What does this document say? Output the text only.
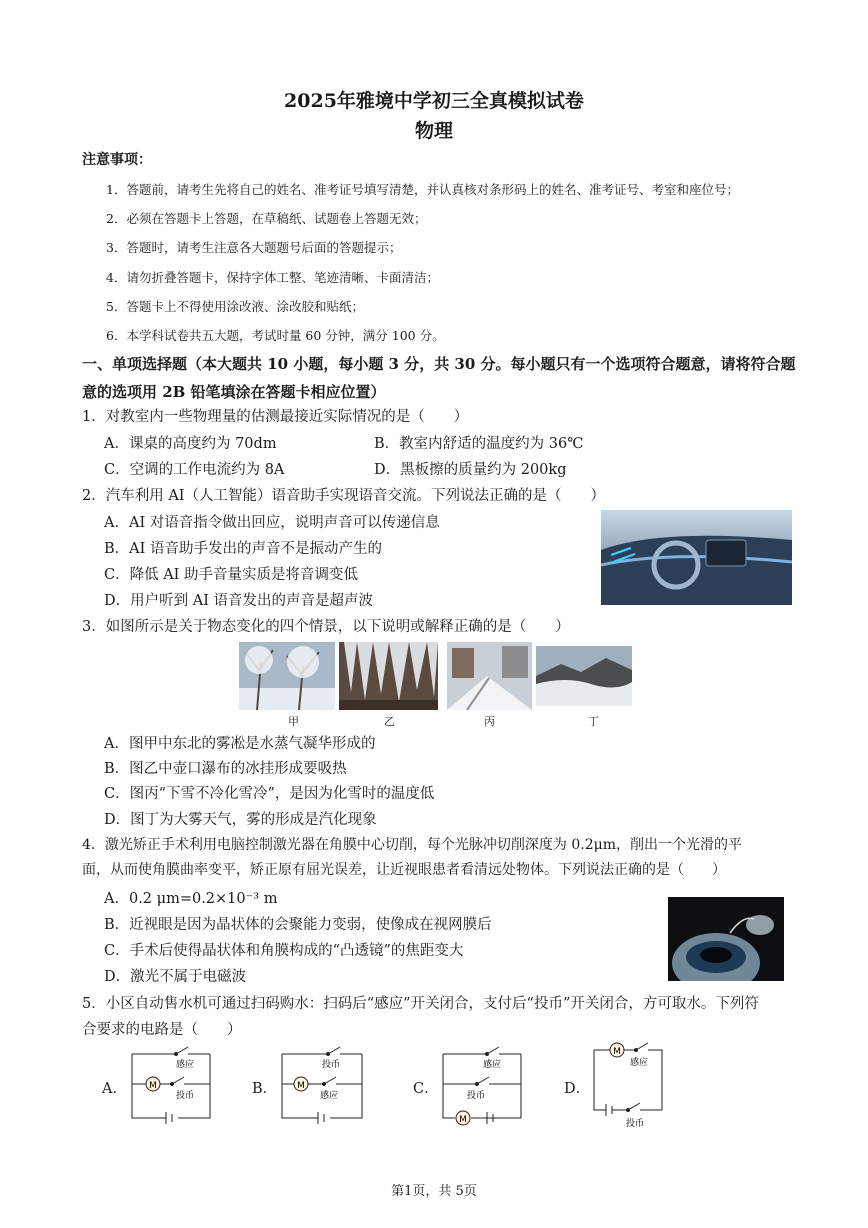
2025年雅境中学初三全真模拟试卷
物理
注意事项：
1．答题前，请考生先将自己的姓名、准考证号填写清楚，并认真核对条形码上的姓名、准考证号、考室和座位号；
2．必须在答题卡上答题，在草稿纸、试题卷上答题无效；
3．答题时，请考生注意各大题题号后面的答题提示；
4．请勿折叠答题卡，保持字体工整、笔迹清晰、卡面清洁；
5．答题卡上不得使用涂改液、涂改胶和贴纸；
6．本学科试卷共五大题，考试时量 60 分钟，满分 100 分。
一、单项选择题（本大题共 10 小题，每小题 3 分，共 30 分。每小题只有一个选项符合题意，请将符合题
意的选项用 2B 铅笔填涂在答题卡相应位置）
1．对教室内一些物理量的估测最接近实际情况的是（　　）
A．课桌的高度约为 70dm	B．教室内舒适的温度约为 36℃
C．空调的工作电流约为 8A	D．黑板擦的质量约为 200kg
2．汽车利用 AI（人工智能）语音助手实现语音交流。下列说法正确的是（　　）
A．AI 对语音指令做出回应，说明声音可以传递信息
B．AI 语音助手发出的声音不是振动产生的
C．降低 AI 助手音量实质是将音调变低
D．用户听到 AI 语音发出的声音是超声波
3．如图所示是关于物态变化的四个情景，以下说明或解释正确的是（　　）
甲	乙	丙	丁
A．图甲中东北的雾凇是水蒸气凝华形成的
B．图乙中壶口瀑布的冰挂形成要吸热
C．图丙“下雪不冷化雪冷”，是因为化雪时的温度低
D．图丁为大雾天气，雾的形成是汽化现象
4．激光矫正手术利用电脑控制激光器在角膜中心切削，每个光脉冲切削深度为 0.2μm，削出一个光滑的平
面，从而使角膜曲率变平，矫正原有屈光误差，让近视眼患者看清远处物体。下列说法正确的是（　　）
A．0.2 μm=0.2×10⁻³ m
B．近视眼是因为晶状体的会聚能力变弱，使像成在视网膜后
C．手术后使得晶状体和角膜构成的“凸透镜”的焦距变大
D．激光不属于电磁波
5．小区自动售水机可通过扫码购水：扫码后“感应”开关闭合，支付后“投币”开关闭合，方可取水。下列符
合要求的电路是（　　）
A．	B．	C．	D．
M
感应
投币
M
投币
感应
M
感应
投币
M
感应
投币
第1页，共 5页
